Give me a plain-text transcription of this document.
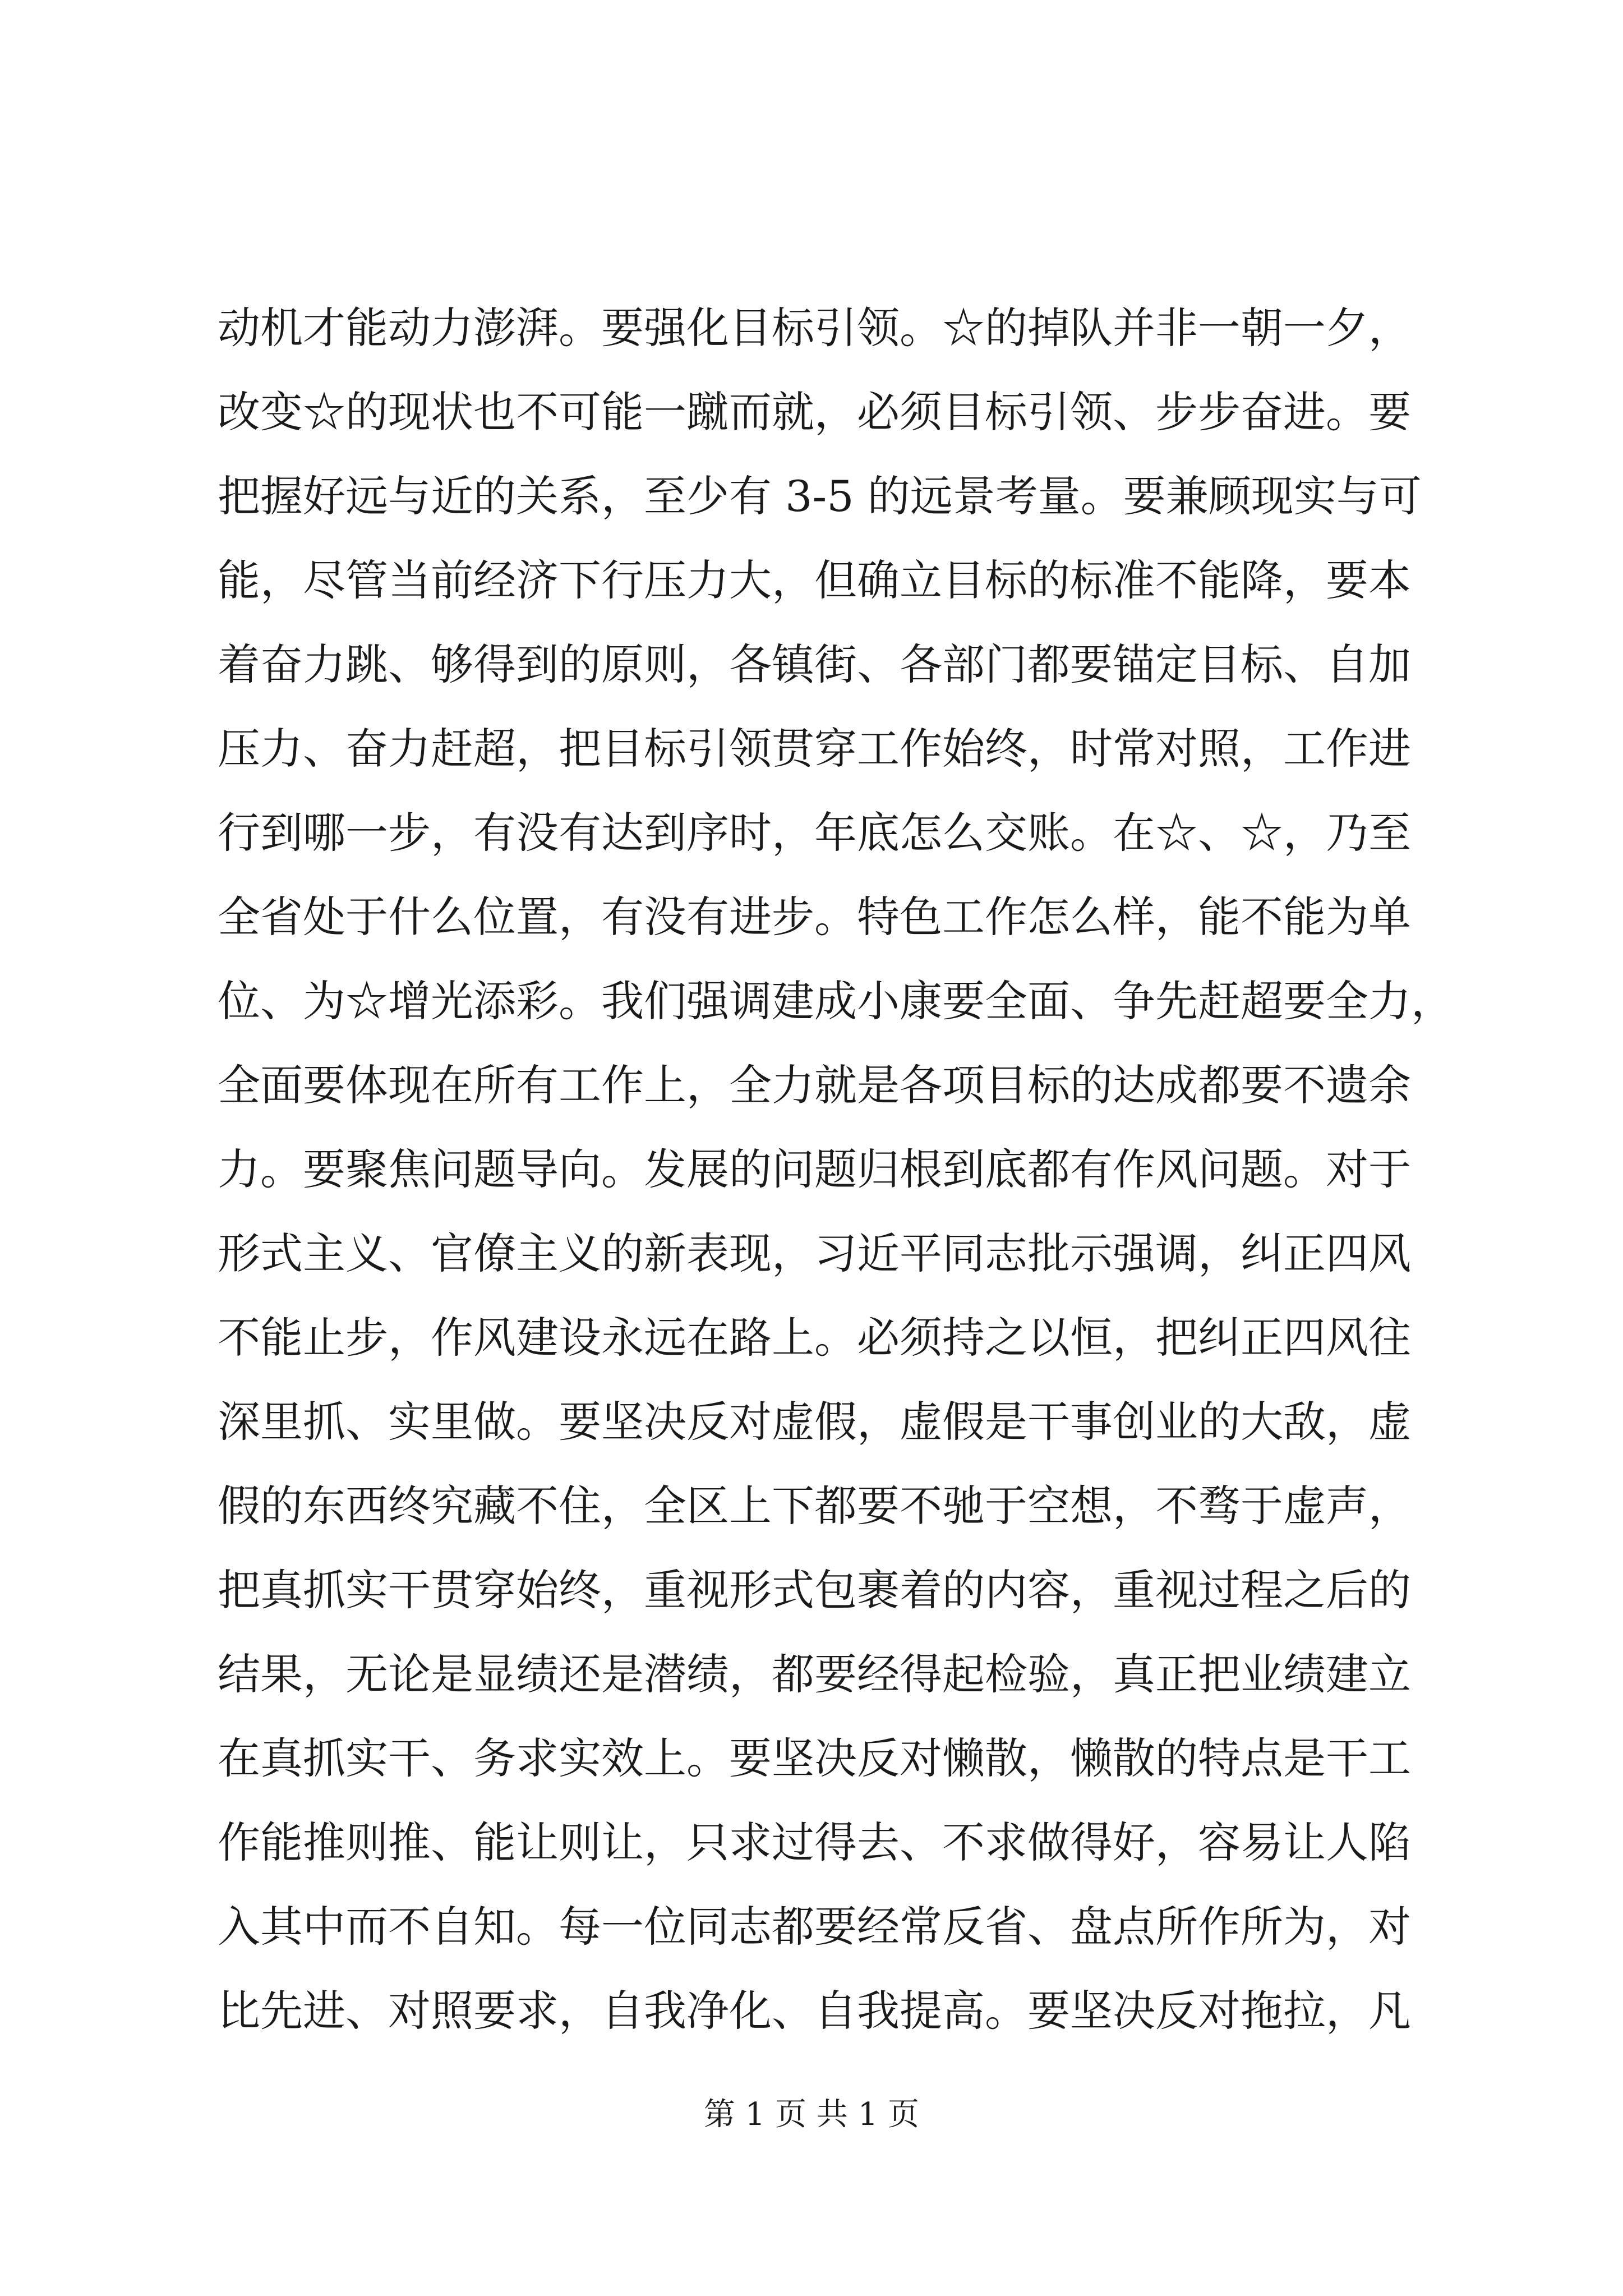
动机才能动力澎湃。要强化目标引领。☆的掉队并非一朝一夕，
改变☆的现状也不可能一蹴而就，必须目标引领、步步奋进。要
把握好远与近的关系，至少有 3-5 的远景考量。要兼顾现实与可
能，尽管当前经济下行压力大，但确立目标的标准不能降，要本
着奋力跳、够得到的原则，各镇街、各部门都要锚定目标、自加
压力、奋力赶超，把目标引领贯穿工作始终，时常对照，工作进
行到哪一步，有没有达到序时，年底怎么交账。在☆、☆，乃至
全省处于什么位置，有没有进步。特色工作怎么样，能不能为单
位、为☆增光添彩。我们强调建成小康要全面、争先赶超要全力，
全面要体现在所有工作上，全力就是各项目标的达成都要不遗余
力。要聚焦问题导向。发展的问题归根到底都有作风问题。对于
形式主义、官僚主义的新表现，习近平同志批示强调，纠正四风
不能止步，作风建设永远在路上。必须持之以恒，把纠正四风往
深里抓、实里做。要坚决反对虚假，虚假是干事创业的大敌，虚
假的东西终究藏不住，全区上下都要不驰于空想，不骛于虚声，
把真抓实干贯穿始终，重视形式包裹着的内容，重视过程之后的
结果，无论是显绩还是潜绩，都要经得起检验，真正把业绩建立
在真抓实干、务求实效上。要坚决反对懒散，懒散的特点是干工
作能推则推、能让则让，只求过得去、不求做得好，容易让人陷
入其中而不自知。每一位同志都要经常反省、盘点所作所为，对
比先进、对照要求，自我净化、自我提高。要坚决反对拖拉，凡
第 1 页 共 1 页
